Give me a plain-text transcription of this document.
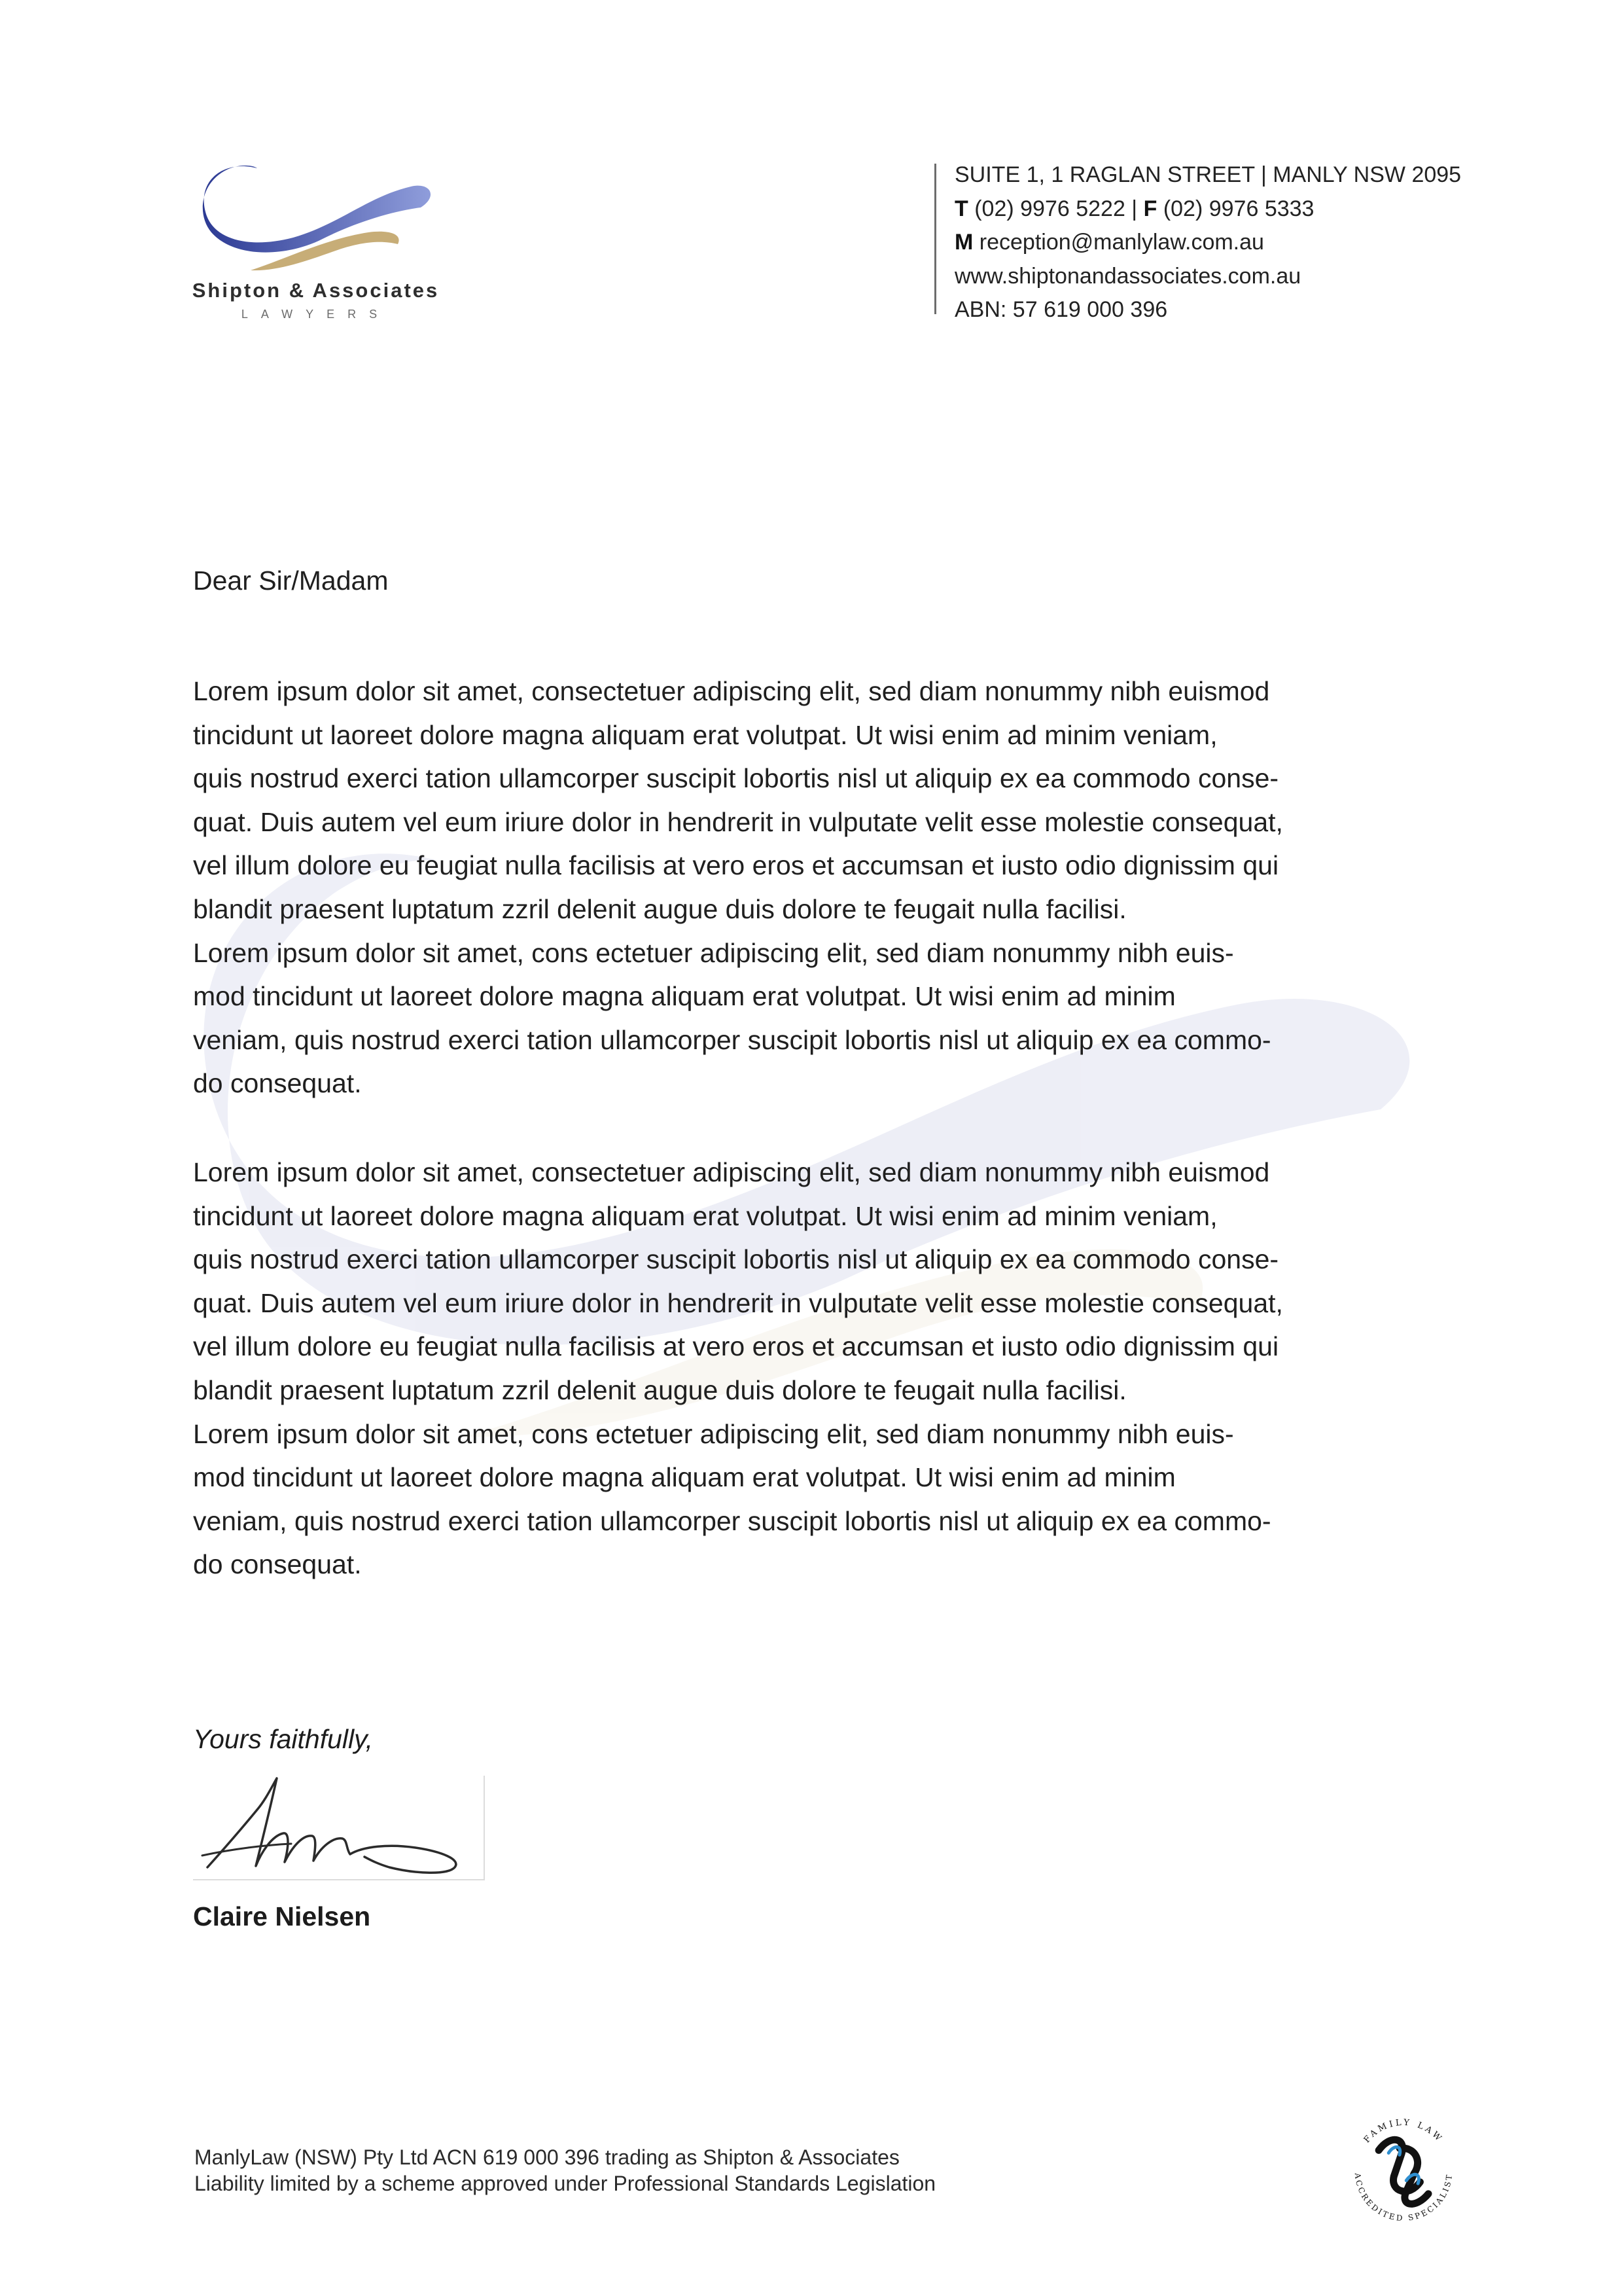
Shipton & Associates
LAWYERS
SUITE 1, 1 RAGLAN STREET | MANLY NSW 2095
T (02) 9976 5222 | F (02) 9976 5333
M reception@manlylaw.com.au
www.shiptonandassociates.com.au
ABN: 57 619 000 396
Dear Sir/Madam
Lorem ipsum dolor sit amet, consectetuer adipiscing elit, sed diam nonummy nibh euismod
tincidunt ut laoreet dolore magna aliquam erat volutpat. Ut wisi enim ad minim veniam,
quis nostrud exerci tation ullamcorper suscipit lobortis nisl ut aliquip ex ea commodo conse-
quat. Duis autem vel eum iriure dolor in hendrerit in vulputate velit esse molestie consequat,
vel illum dolore eu feugiat nulla facilisis at vero eros et accumsan et iusto odio dignissim qui
blandit praesent luptatum zzril delenit augue duis dolore te feugait nulla facilisi.
Lorem ipsum dolor sit amet, cons ectetuer adipiscing elit, sed diam nonummy nibh euis-
mod tincidunt ut laoreet dolore magna aliquam erat volutpat. Ut wisi enim ad minim
veniam, quis nostrud exerci tation ullamcorper suscipit lobortis nisl ut aliquip ex ea commo-
do consequat.
Lorem ipsum dolor sit amet, consectetuer adipiscing elit, sed diam nonummy nibh euismod
tincidunt ut laoreet dolore magna aliquam erat volutpat. Ut wisi enim ad minim veniam,
quis nostrud exerci tation ullamcorper suscipit lobortis nisl ut aliquip ex ea commodo conse-
quat. Duis autem vel eum iriure dolor in hendrerit in vulputate velit esse molestie consequat,
vel illum dolore eu feugiat nulla facilisis at vero eros et accumsan et iusto odio dignissim qui
blandit praesent luptatum zzril delenit augue duis dolore te feugait nulla facilisi.
Lorem ipsum dolor sit amet, cons ectetuer adipiscing elit, sed diam nonummy nibh euis-
mod tincidunt ut laoreet dolore magna aliquam erat volutpat. Ut wisi enim ad minim
veniam, quis nostrud exerci tation ullamcorper suscipit lobortis nisl ut aliquip ex ea commo-
do consequat.
Yours faithfully,
Claire Nielsen
ManlyLaw (NSW) Pty Ltd ACN 619 000 396 trading as Shipton & Associates
Liability limited by a scheme approved under Professional Standards Legislation
FAMILY LAW
ACCREDITED SPECIALIST
